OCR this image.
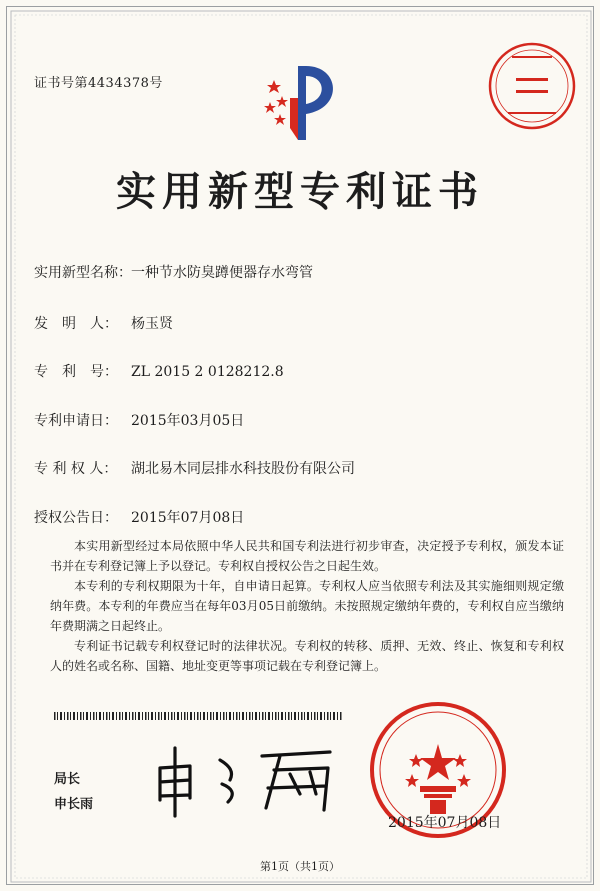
证书号第4434378号
实用新型专利证书
实用新型名称：一种节水防臭蹲便器存水弯管
发　明　人： 杨玉贤
专　利　号： ZL 2015 2 0128212.8
专利申请日： 2015年03月05日
专 利 权 人： 湖北易木同层排水科技股份有限公司
授权公告日： 2015年07月08日

本实用新型经过本局依照中华人民共和国专利法进行初步审查，决定授予专利权，颁发本证书并在专利登记簿上予以登记。专利权自授权公告之日起生效。

本专利的专利权期限为十年，自申请日起算。专利权人应当依照专利法及其实施细则规定缴纳年费。本专利的年费应当在每年03月05日前缴纳。未按照规定缴纳年费的，专利权自应当缴纳年费期满之日起终止。

专利证书记载专利权登记时的法律状况。专利权的转移、质押、无效、终止、恢复和专利权人的姓名或名称、国籍、地址变更等事项记载在专利登记簿上。

局长
申长雨
2015年07月08日
第1页（共1页）
